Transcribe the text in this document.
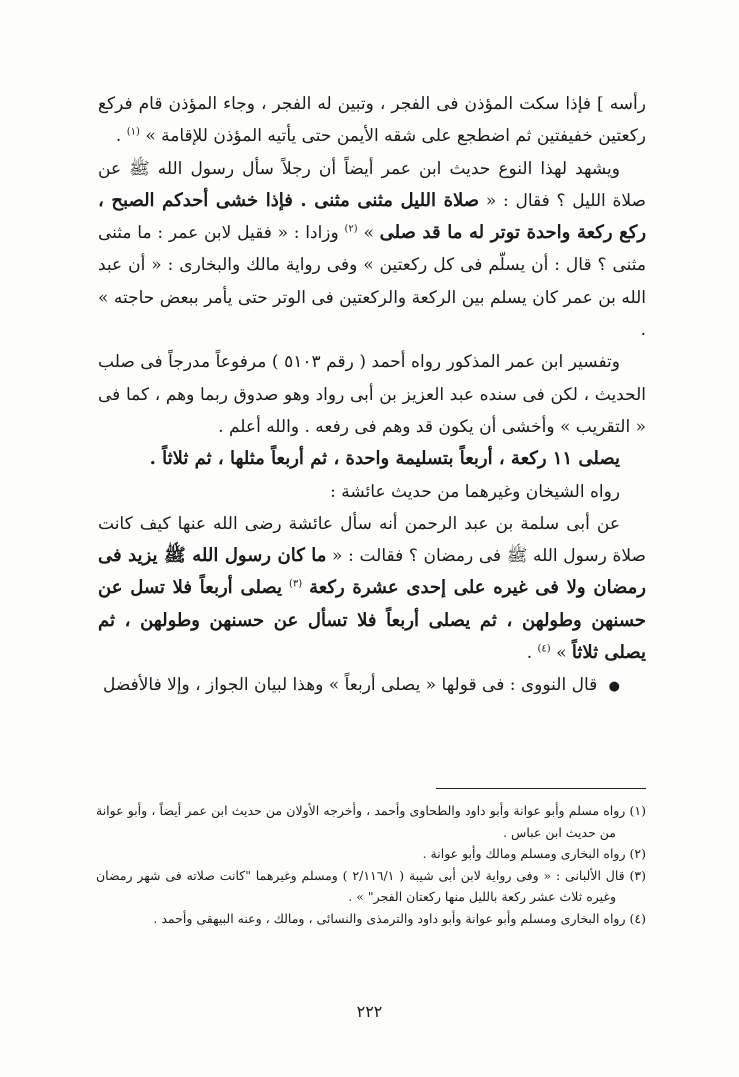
رأسه ] فإذا سكت المؤذن فى الفجر ، وتبين له الفجر ، وجاء المؤذن قام فركع ركعتين خفيفتين ثم اضطجع على شقه الأيمن حتى يأتيه المؤذن للإقامة » $^{(١)}$ .

ويشهد لهذا النوع حديث ابن عمر أيضاً أن رجلاً سأل رسول الله ﷺ عن صلاة الليل ؟ فقال : « صلاة الليل مثنى مثنى . فإذا خشى أحدكم الصبح ، ركع ركعة واحدة توتر له ما قد صلى » $^{(٢)}$ وزادا : « فقيل لابن عمر : ما مثنى مثنى ؟ قال : أن يسلّم فى كل ركعتين » وفى رواية مالك والبخارى : « أن عبد الله بن عمر كان يسلم بين الركعة والركعتين فى الوتر حتى يأمر ببعض حاجته » .

وتفسير ابن عمر المذكور رواه أحمد ( رقم ٥١٠٣ ) مرفوعاً مدرجاً فى صلب الحديث ، لكن فى سنده عبد العزيز بن أبى رواد وهو صدوق ربما وهم ، كما فى « التقريب » وأخشى أن يكون قد وهم فى رفعه . والله أعلم .

يصلى ١١ ركعة ، أربعاً بتسليمة واحدة ، ثم أربعاً مثلها ، ثم ثلاثاً .

رواه الشيخان وغيرهما من حديث عائشة :

عن أبى سلمة بن عبد الرحمن أنه سأل عائشة رضى الله عنها كيف كانت صلاة رسول الله ﷺ فى رمضان ؟ فقالت : « ما كان رسول الله ﷺ يزيد فى رمضان ولا فى غيره على إحدى عشرة ركعة $^{(٣)}$ يصلى أربعاً فلا تسل عن حسنهن وطولهن ، ثم يصلى أربعاً فلا تسأل عن حسنهن وطولهن ، ثم يصلى ثلاثاً » $^{(٤)}$ .

● قال النووى : فى قولها « يصلى أربعاً » وهذا لبيان الجواز ، وإلا فالأفضل

(١) رواه مسلم وأبو عوانة وأبو داود والطحاوى وأحمد ، وأخرجه الأولان من حديث ابن عمر أيضاً ، وأبو عوانة من حديث ابن عباس .

(٢) رواه البخارى ومسلم ومالك وأبو عوانة .

(٣) قال الألبانى : « وفى رواية لابن أبى شيبة ( ٢/١١٦/١ ) ومسلم وغيرهما "كانت صلاته فى شهر رمضان وغيره ثلاث عشر ركعة بالليل منها ركعتان الفجر" » .

(٤) رواه البخارى ومسلم وأبو عوانة وأبو داود والترمذى والنسائى ، ومالك ، وعنه البيهقى وأحمد .

٢٢٢
